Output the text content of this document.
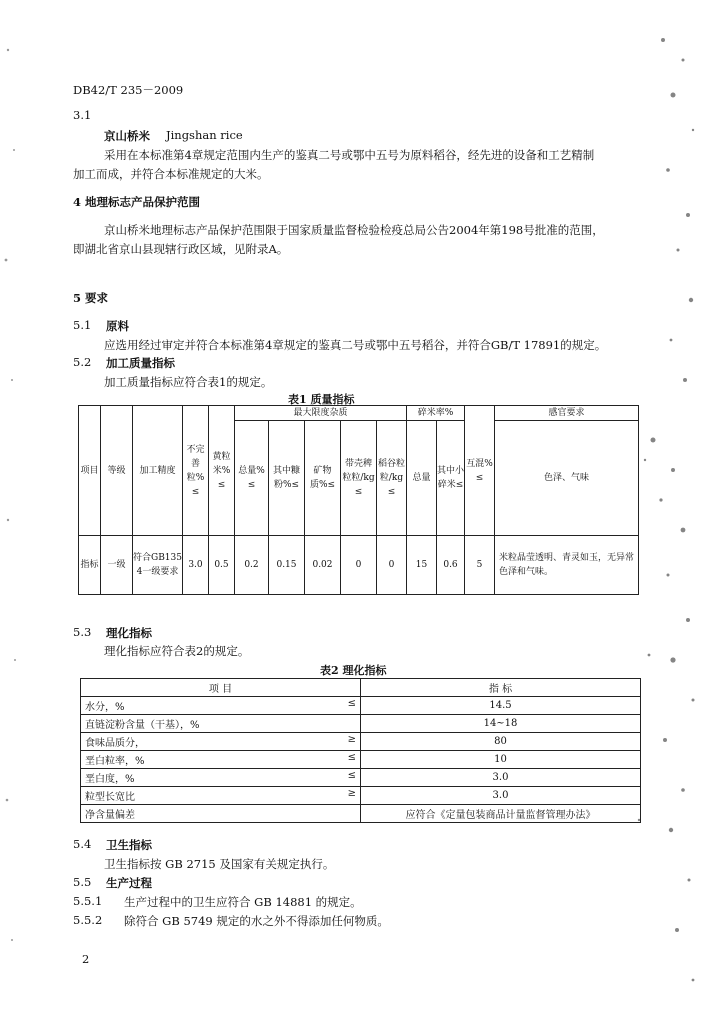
DB42/T 235－2009
3.1
京山桥米 Jingshan rice
采用在本标准第4章规定范围内生产的鉴真二号或鄂中五号为原料稻谷，经先进的设备和工艺精制
加工而成，并符合本标准规定的大米。
4 地理标志产品保护范围
京山桥米地理标志产品保护范围限于国家质量监督检验检疫总局公告2004年第198号批准的范围，
即湖北省京山县现辖行政区域，见附录A。
5 要求
5.1 原料
应选用经过审定并符合本标准第4章规定的鉴真二号或鄂中五号稻谷，并符合GB/T 17891的规定。
5.2 加工质量指标
加工质量指标应符合表1的规定。
表1 质量指标
项目	等级	加工精度	不完善粒%≤	黄粒米%≤	最大限度杂质					碎米率%		互混%≤	感官要求
					总量%≤	其中糠粉%≤	矿物质%≤	带壳稗粒粒/kg≤	稻谷粒粒/kg≤	总量	其中小碎米≤		色泽、气味
指标	一级	符合GB1354一级要求	3.0	0.5	0.2	0.15	0.02	0	0	15	0.6	5	米粒晶莹透明、青灵如玉，无异常色泽和气味。
5.3 理化指标
理化指标应符合表2的规定。
表2 理化指标
项 目	指 标

水分，% ≤	14.5

直链淀粉含量（干基），%	14~18

食味品质分， ≥	80

垩白粒率，% ≤	10

垩白度，% ≤	3.0

粒型长宽比 ≥	3.0

净含量偏差	应符合《定量包装商品计量监督管理办法》
5.4 卫生指标
卫生指标按 GB 2715 及国家有关规定执行。
5.5 生产过程
5.5.1 生产过程中的卫生应符合 GB 14881 的规定。
5.5.2 除符合 GB 5749 规定的水之外不得添加任何物质。
2
